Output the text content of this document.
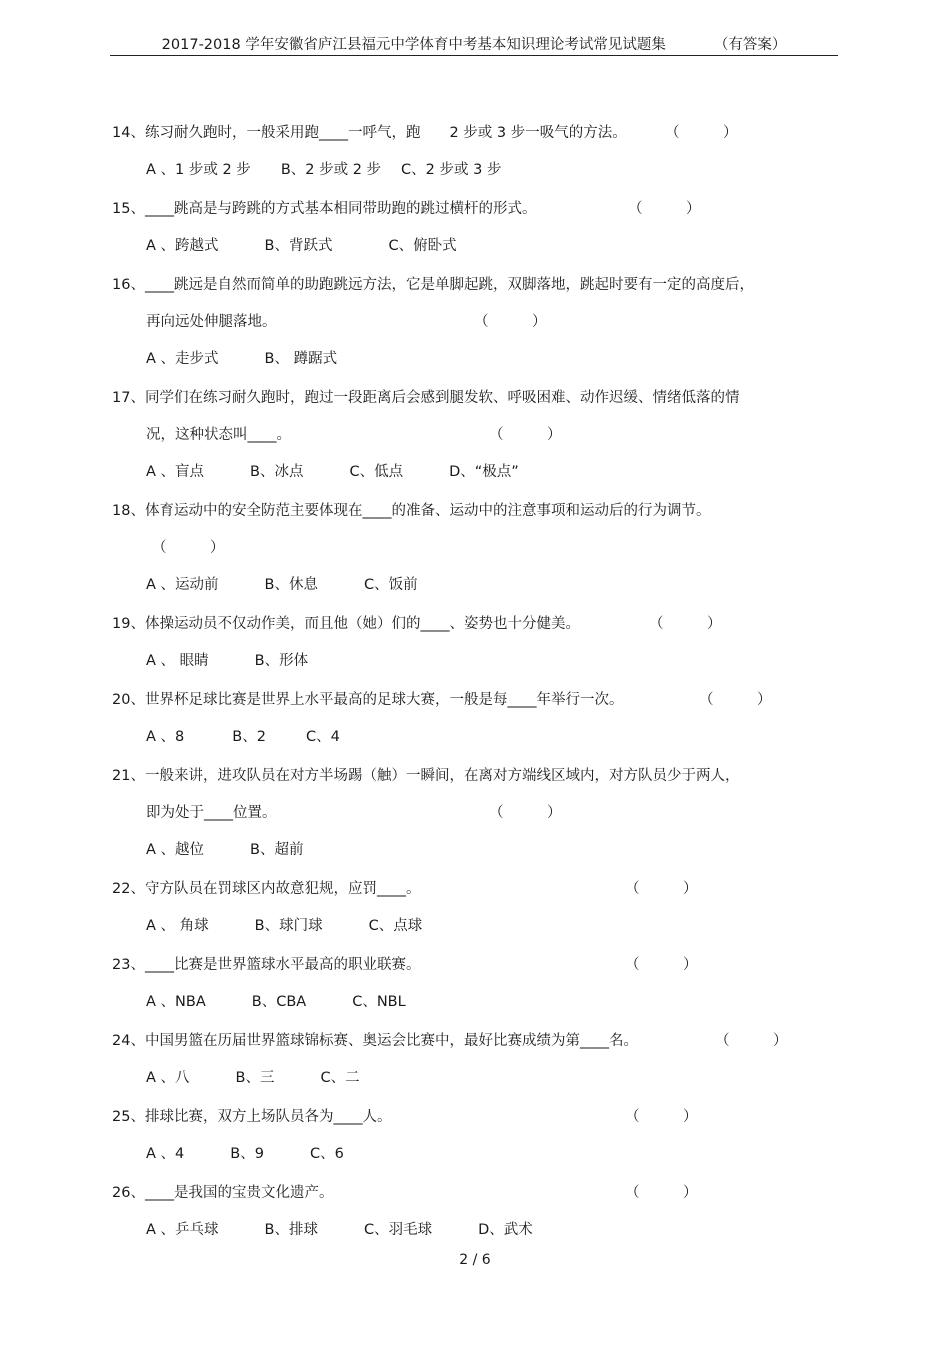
2017-2018 学年安徽省庐江县福元中学体育中考基本知识理论考试常见试题集	（有答案）
14、练习耐久跑时，一般采用跑____一呼气，跑　　2 步或 3 步一吸气的方法。	（　　　）
A 、1 步或 2 步 B、2 步或 2 步 C、2 步或 3 步
15、____跳高是与跨跳的方式基本相同带助跑的跳过横杆的形式。	（　　　）
A 、跨越式	B、背跃式	C、俯卧式
16、____跳远是自然而简单的助跑跳远方法，它是单脚起跳，双脚落地，跳起时要有一定的高度后，
再向远处伸腿落地。	（　　　）
A 、走步式	B、 蹲踞式
17、同学们在练习耐久跑时，跑过一段距离后会感到腿发软、呼吸困难、动作迟缓、情绪低落的情
况，这种状态叫____。	（　　　）
A 、盲点	B、冰点	C、低点	D、“极点”
18、体育运动中的安全防范主要体现在____的准备、运动中的注意事项和运动后的行为调节。
（　　　）
A 、运动前	B、休息	C、饭前
19、体操运动员不仅动作美，而且他（她）们的____、姿势也十分健美。	（　　　）
A 、 眼睛	B、形体
20、世界杯足球比赛是世界上水平最高的足球大赛，一般是每____年举行一次。	（　　　）
A 、8	B、2	C、4
21、一般来讲，进攻队员在对方半场踢（触）一瞬间，在离对方端线区域内，对方队员少于两人，
即为处于____位置。	（　　　）
A 、越位	B、超前
22、守方队员在罚球区内故意犯规，应罚____。	（　　　）
A 、 角球	B、球门球	C、点球
23、____比赛是世界篮球水平最高的职业联赛。	（　　　）
A 、NBA	B、CBA	C、NBL
24、中国男篮在历届世界篮球锦标赛、奥运会比赛中，最好比赛成绩为第____名。	（　　　）
A 、八	B、三	C、二
25、排球比赛，双方上场队员各为____人。	（　　　）
A 、4	B、9	C、6
26、____是我国的宝贵文化遗产。	（　　　）
A 、乒乓球	B、排球	C、羽毛球	D、武术
2 / 6
